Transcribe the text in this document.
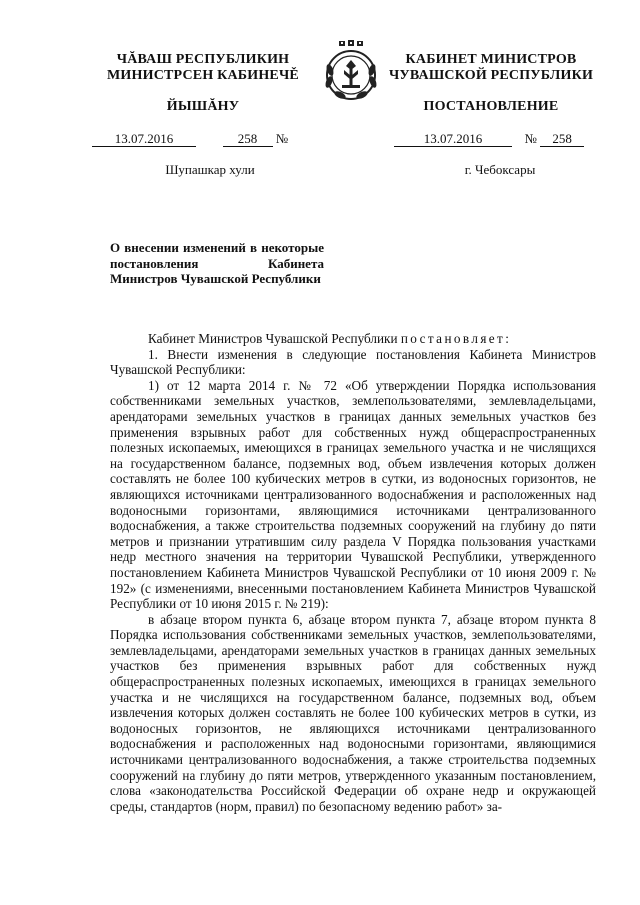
ЧĂВАШ РЕСПУБЛИКИН
МИНИСТРСЕН КАБИНЕЧĚ
ЙЫШĂНУ
КАБИНЕТ МИНИСТРОВ
ЧУВАШСКОЙ РЕСПУБЛИКИ
ПОСТАНОВЛЕНИЕ
13.07.2016	258 №	13.07.2016	№ 258
Шупашкар хули	г. Чебоксары
О внесении изменений в некоторые постановления Кабинета Министров Чувашской Республики

Кабинет Министров Чувашской Республики постановляет:

1. Внести изменения в следующие постановления Кабинета Министров Чувашской Республики:

1) от 12 марта 2014 г. № 72 «Об утверждении Порядка использования собственниками земельных участков, землепользователями, землевладельцами, арендаторами земельных участков в границах данных земельных участков без применения взрывных работ для собственных нужд общераспространенных полезных ископаемых, имеющихся в границах земельного участка и не числящихся на государственном балансе, подземных вод, объем извлечения которых должен составлять не более 100 кубических метров в сутки, из водоносных горизонтов, не являющихся источниками централизованного водоснабжения и расположенных над водоносными горизонтами, являющимися источниками централизованного водоснабжения, а также строительства подземных сооружений на глубину до пяти метров и признании утратившим силу раздела V Порядка пользования участками недр местного значения на территории Чувашской Республики, утвержденного постановлением Кабинета Министров Чувашской Республики от 10 июня 2009 г. № 192» (с изменениями, внесенными постановлением Кабинета Министров Чувашской Республики от 10 июня 2015 г. № 219):

в абзаце втором пункта 6, абзаце втором пункта 7, абзаце втором пункта 8 Порядка использования собственниками земельных участков, землепользователями, землевладельцами, арендаторами земельных участков в границах данных земельных участков без применения взрывных работ для собственных нужд общераспространенных полезных ископаемых, имеющихся в границах земельного участка и не числящихся на государственном балансе, подземных вод, объем извлечения которых должен составлять не более 100 кубических метров в сутки, из водоносных горизонтов, не являющихся источниками централизованного водоснабжения и расположенных над водоносными горизонтами, являющимися источниками централизованного водоснабжения, а также строительства подземных сооружений на глубину до пяти метров, утвержденного указанным постановлением, слова «законодательства Российской Федерации об охране недр и окружающей среды, стандартов (норм, правил) по безопасному ведению работ» за-
